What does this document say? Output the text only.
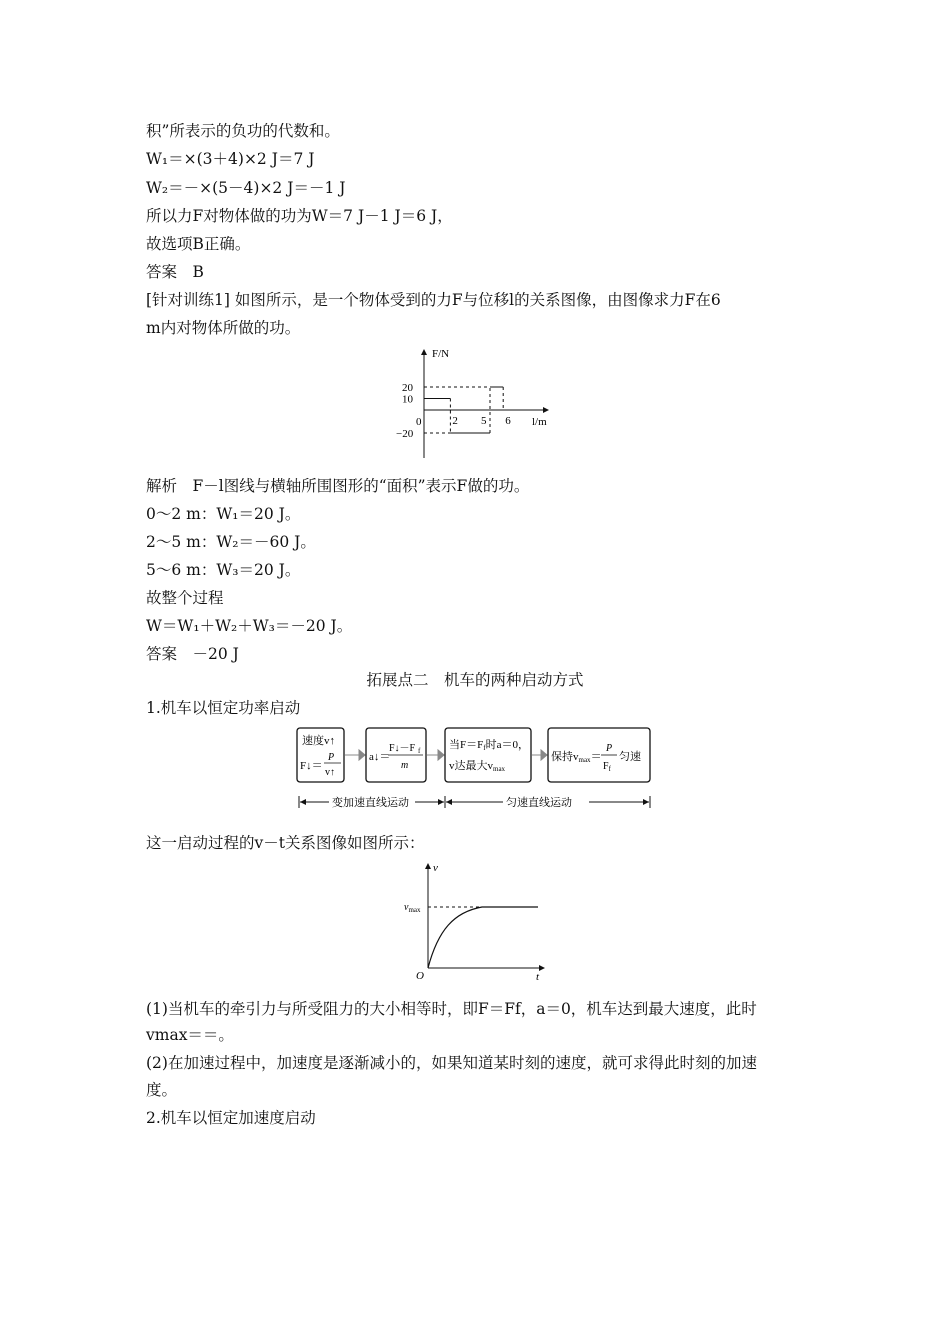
积”所表示的负功的代数和。
W₁＝×(3＋4)×2 J＝7 J
W₂＝－×(5－4)×2 J＝－1 J
所以力F对物体做的功为W＝7 J－1 J＝6 J，
故选项B正确。
答案　B
[针对训练1] 如图所示，是一个物体受到的力F与位移l的关系图像，由图像求力F在6
m内对物体所做的功。
F/N
l/m
0
20
10
−20
2 5 6
解析　F－l图线与横轴所围图形的“面积”表示F做的功。
0～2 m：W₁＝20 J。
2～5 m：W₂＝－60 J。
5～6 m：W₃＝20 J。
故整个过程
W＝W₁＋W₂＋W₃＝－20 J。
答案　－20 J
拓展点二　机车的两种启动方式
1.机车以恒定功率启动
速度v↑
F↓＝
P
v↑
a↓＝
F↓－F f
m
当F＝Ff时a＝0，
v达最大vmax
保持vmax＝
P
$F_f$
匀速
变加速直线运动	匀速直线运动
这一启动过程的v－t关系图像如图所示：
v
t
O
$v_{max}$
(1)当机车的牵引力与所受阻力的大小相等时，即F＝Ff，a＝0，机车达到最大速度，此时
vmax＝＝。
(2)在加速过程中，加速度是逐渐减小的，如果知道某时刻的速度，就可求得此时刻的加速
度。
2.机车以恒定加速度启动
